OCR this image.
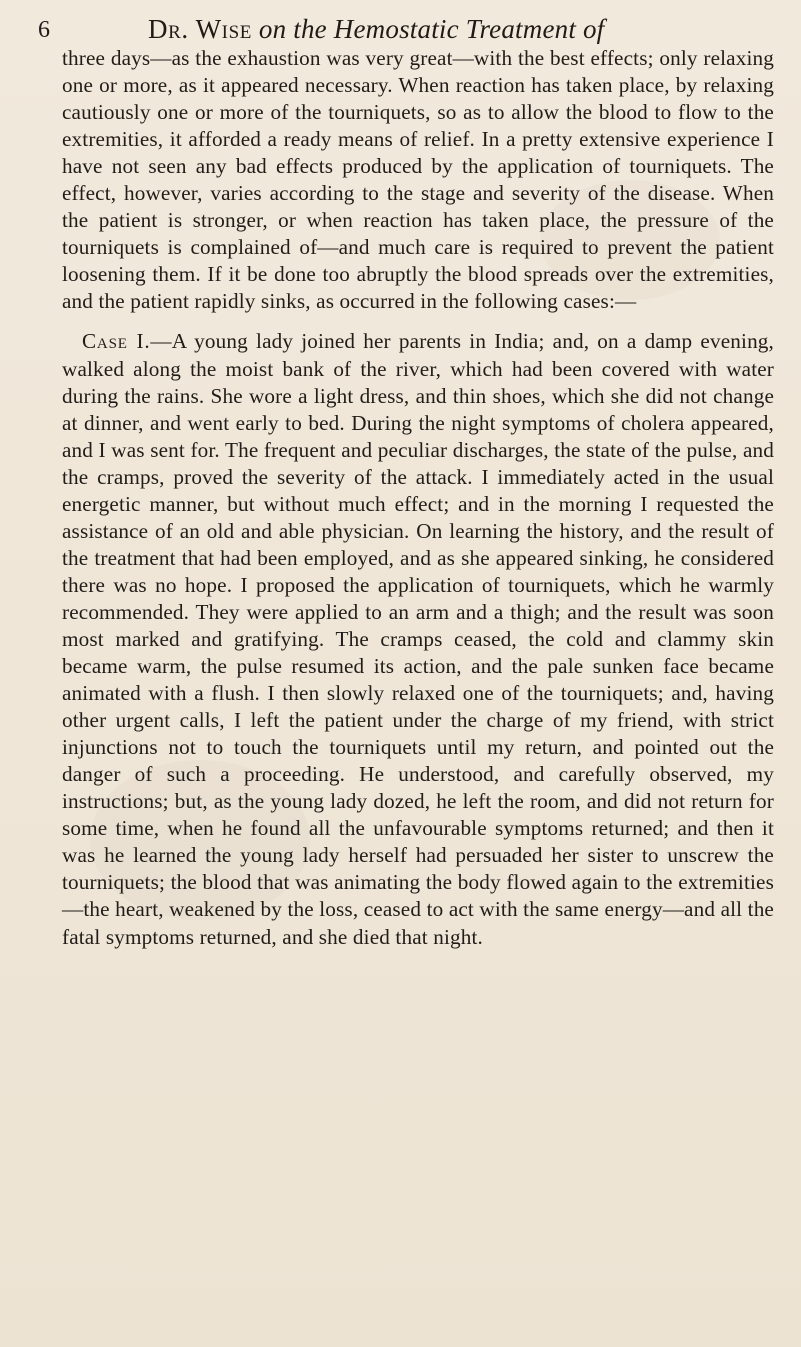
6	Dr. Wise on the Hemostatic Treatment of

three days—as the exhaustion was very great—with the best effects; only relaxing one or more, as it appeared necessary. When reaction has taken place, by relaxing cautiously one or more of the tourniquets, so as to allow the blood to flow to the extremities, it afforded a ready means of relief. In a pretty extensive experience I have not seen any bad effects produced by the application of tourniquets. The effect, however, varies according to the stage and severity of the disease. When the patient is stronger, or when reaction has taken place, the pressure of the tourniquets is complained of—and much care is required to prevent the patient loosening them. If it be done too abruptly the blood spreads over the extremities, and the patient rapidly sinks, as occurred in the following cases:—

Case I.—A young lady joined her parents in India; and, on a damp evening, walked along the moist bank of the river, which had been covered with water during the rains. She wore a light dress, and thin shoes, which she did not change at dinner, and went early to bed. During the night symptoms of cholera appeared, and I was sent for. The frequent and peculiar discharges, the state of the pulse, and the cramps, proved the severity of the attack. I immediately acted in the usual energetic manner, but without much effect; and in the morning I requested the assistance of an old and able physician. On learning the history, and the result of the treatment that had been employed, and as she appeared sinking, he considered there was no hope. I proposed the application of tourniquets, which he warmly recommended. They were applied to an arm and a thigh; and the result was soon most marked and gratifying. The cramps ceased, the cold and clammy skin became warm, the pulse resumed its action, and the pale sunken face became animated with a flush. I then slowly relaxed one of the tourniquets; and, having other urgent calls, I left the patient under the charge of my friend, with strict injunctions not to touch the tourniquets until my return, and pointed out the danger of such a proceeding. He understood, and carefully observed, my instructions; but, as the young lady dozed, he left the room, and did not return for some time, when he found all the unfavourable symptoms returned; and then it was he learned the young lady herself had persuaded her sister to unscrew the tourniquets; the blood that was animating the body flowed again to the extremities—the heart, weakened by the loss, ceased to act with the same energy—and all the fatal symptoms returned, and she died that night.
